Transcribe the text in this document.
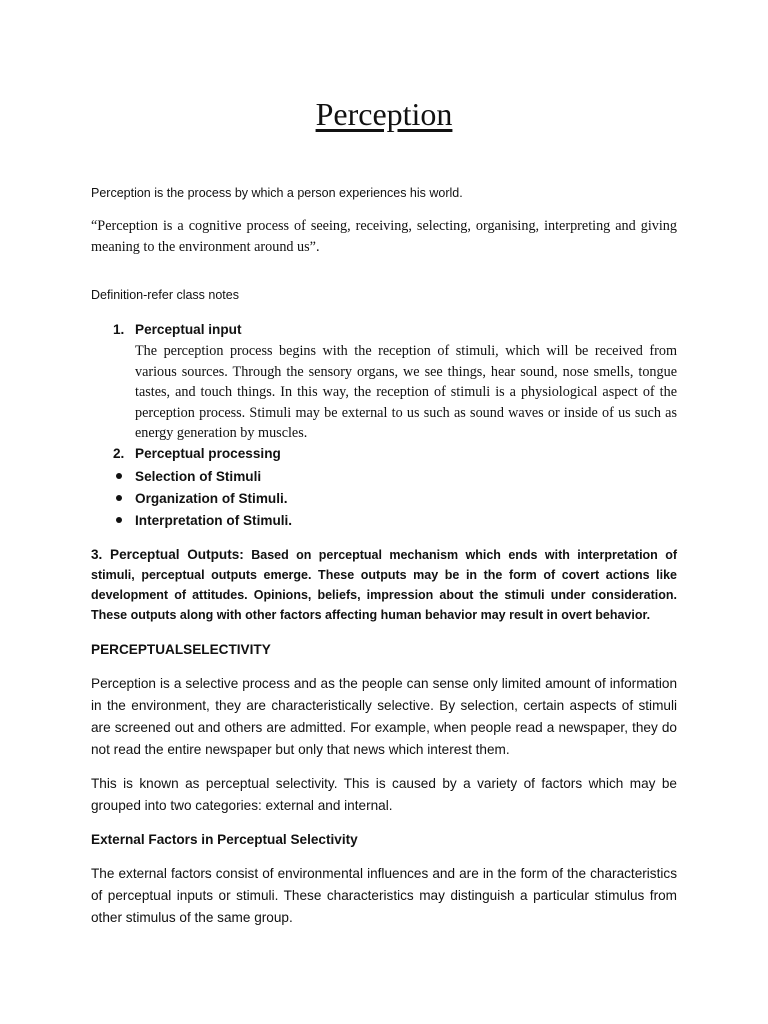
Perception

Perception is the process by which a person experiences his world.

“Perception is a cognitive process of seeing, receiving, selecting, organising, interpreting and giving meaning to the environment around us”.

Definition-refer class notes

1. Perceptual input
The perception process begins with the reception of stimuli, which will be received from various sources. Through the sensory organs, we see things, hear sound, nose smells, tongue tastes, and touch things. In this way, the reception of stimuli is a physiological aspect of the perception process. Stimuli may be external to us such as sound waves or inside of us such as energy generation by muscles.
2. Perceptual processing
Selection of Stimuli
Organization of Stimuli.
Interpretation of Stimuli.

3. Perceptual Outputs: Based on perceptual mechanism which ends with interpretation of stimuli, perceptual outputs emerge. These outputs may be in the form of covert actions like development of attitudes. Opinions, beliefs, impression about the stimuli under consideration. These outputs along with other factors affecting human behavior may result in overt behavior.

PERCEPTUALSELECTIVITY

Perception is a selective process and as the people can sense only limited amount of information in the environment, they are characteristically selective. By selection, certain aspects of stimuli are screened out and others are admitted. For example, when people read a newspaper, they do not read the entire newspaper but only that news which interest them.

This is known as perceptual selectivity. This is caused by a variety of factors which may be grouped into two categories: external and internal.

External Factors in Perceptual Selectivity

The external factors consist of environmental influences and are in the form of the characteristics of perceptual inputs or stimuli. These characteristics may distinguish a particular stimulus from other stimulus of the same group.
